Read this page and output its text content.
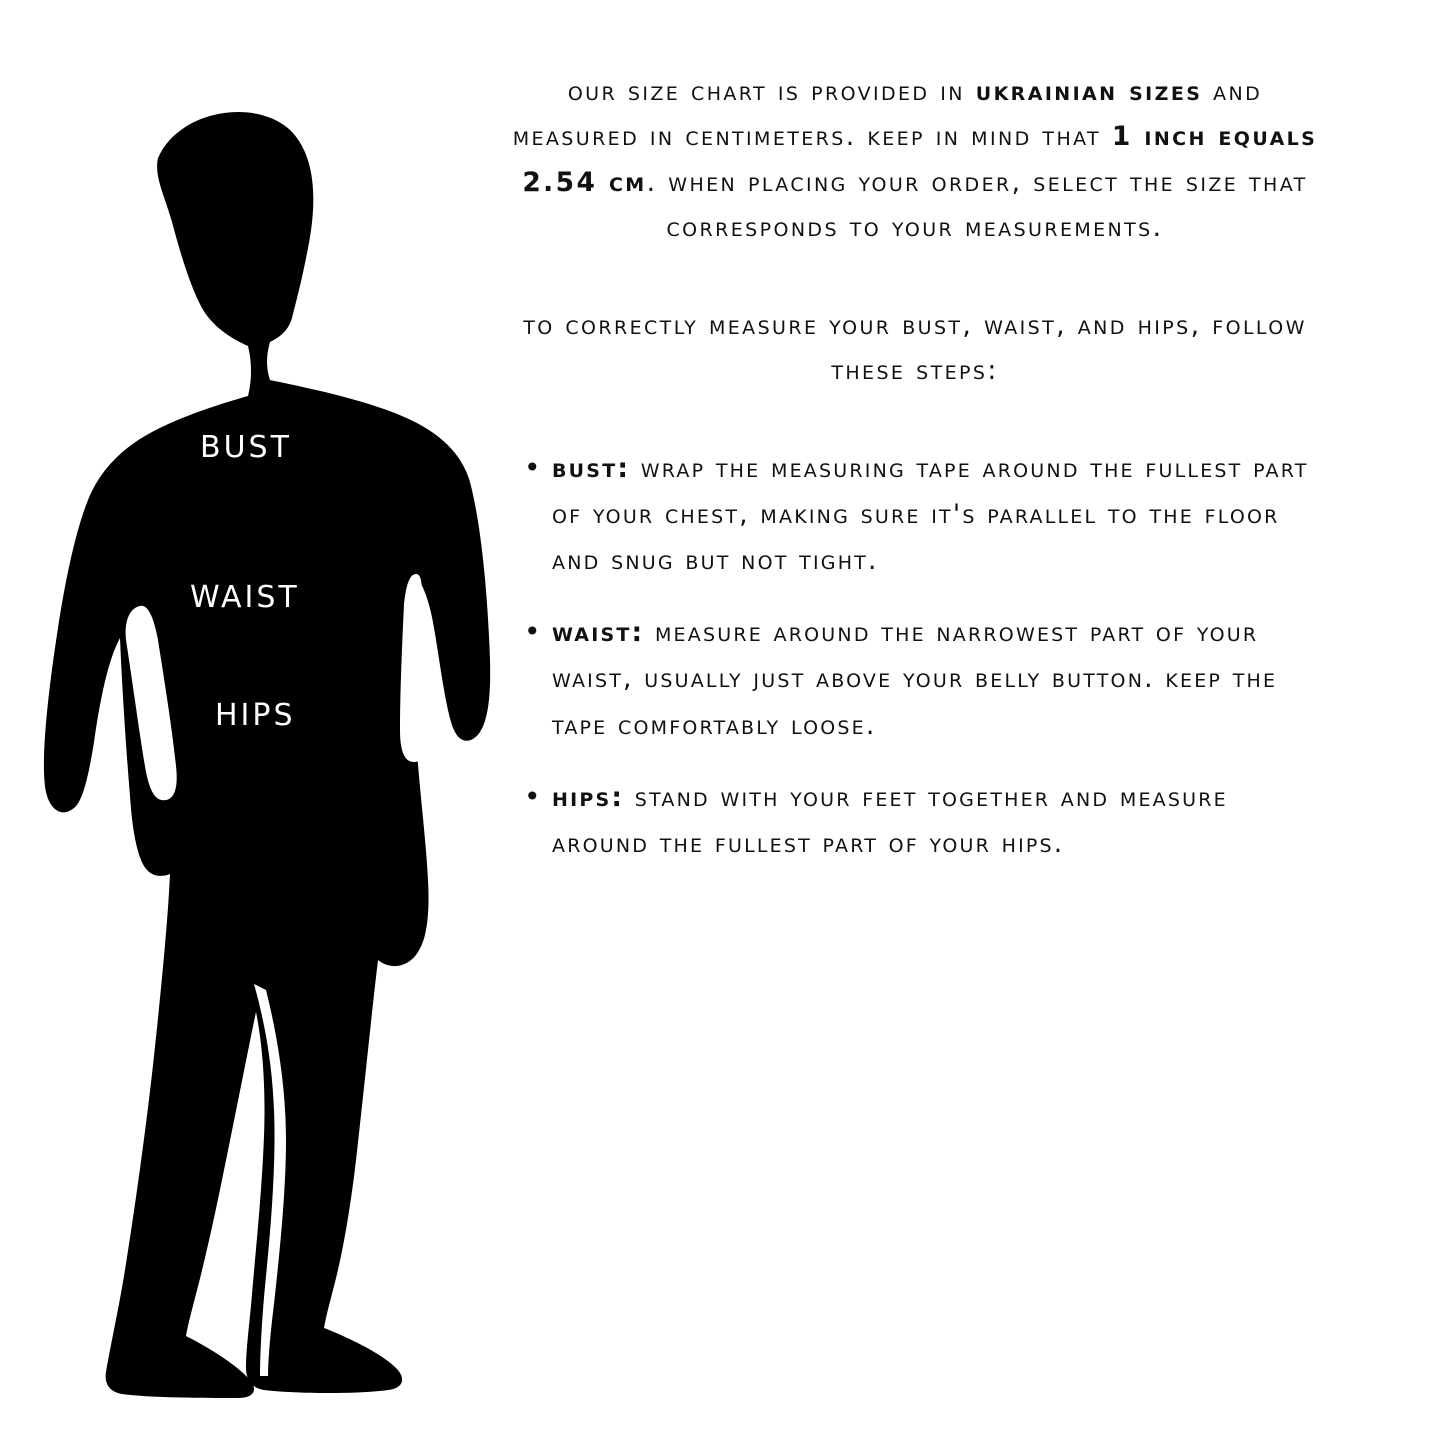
BUST
WAIST
HIPS

our size chart is provided in ukrainian sizes and measured in centimeters. keep in mind that 1 inch equals 2.54 cm. when placing your order, select the size that corresponds to your measurements.

to correctly measure your bust, waist, and hips, follow these steps:

• bust: wrap the measuring tape around the fullest part of your chest, making sure it's parallel to the floor and snug but not tight.
• waist: measure around the narrowest part of your waist, usually just above your belly button. keep the tape comfortably loose.
• hips: stand with your feet together and measure around the fullest part of your hips.
